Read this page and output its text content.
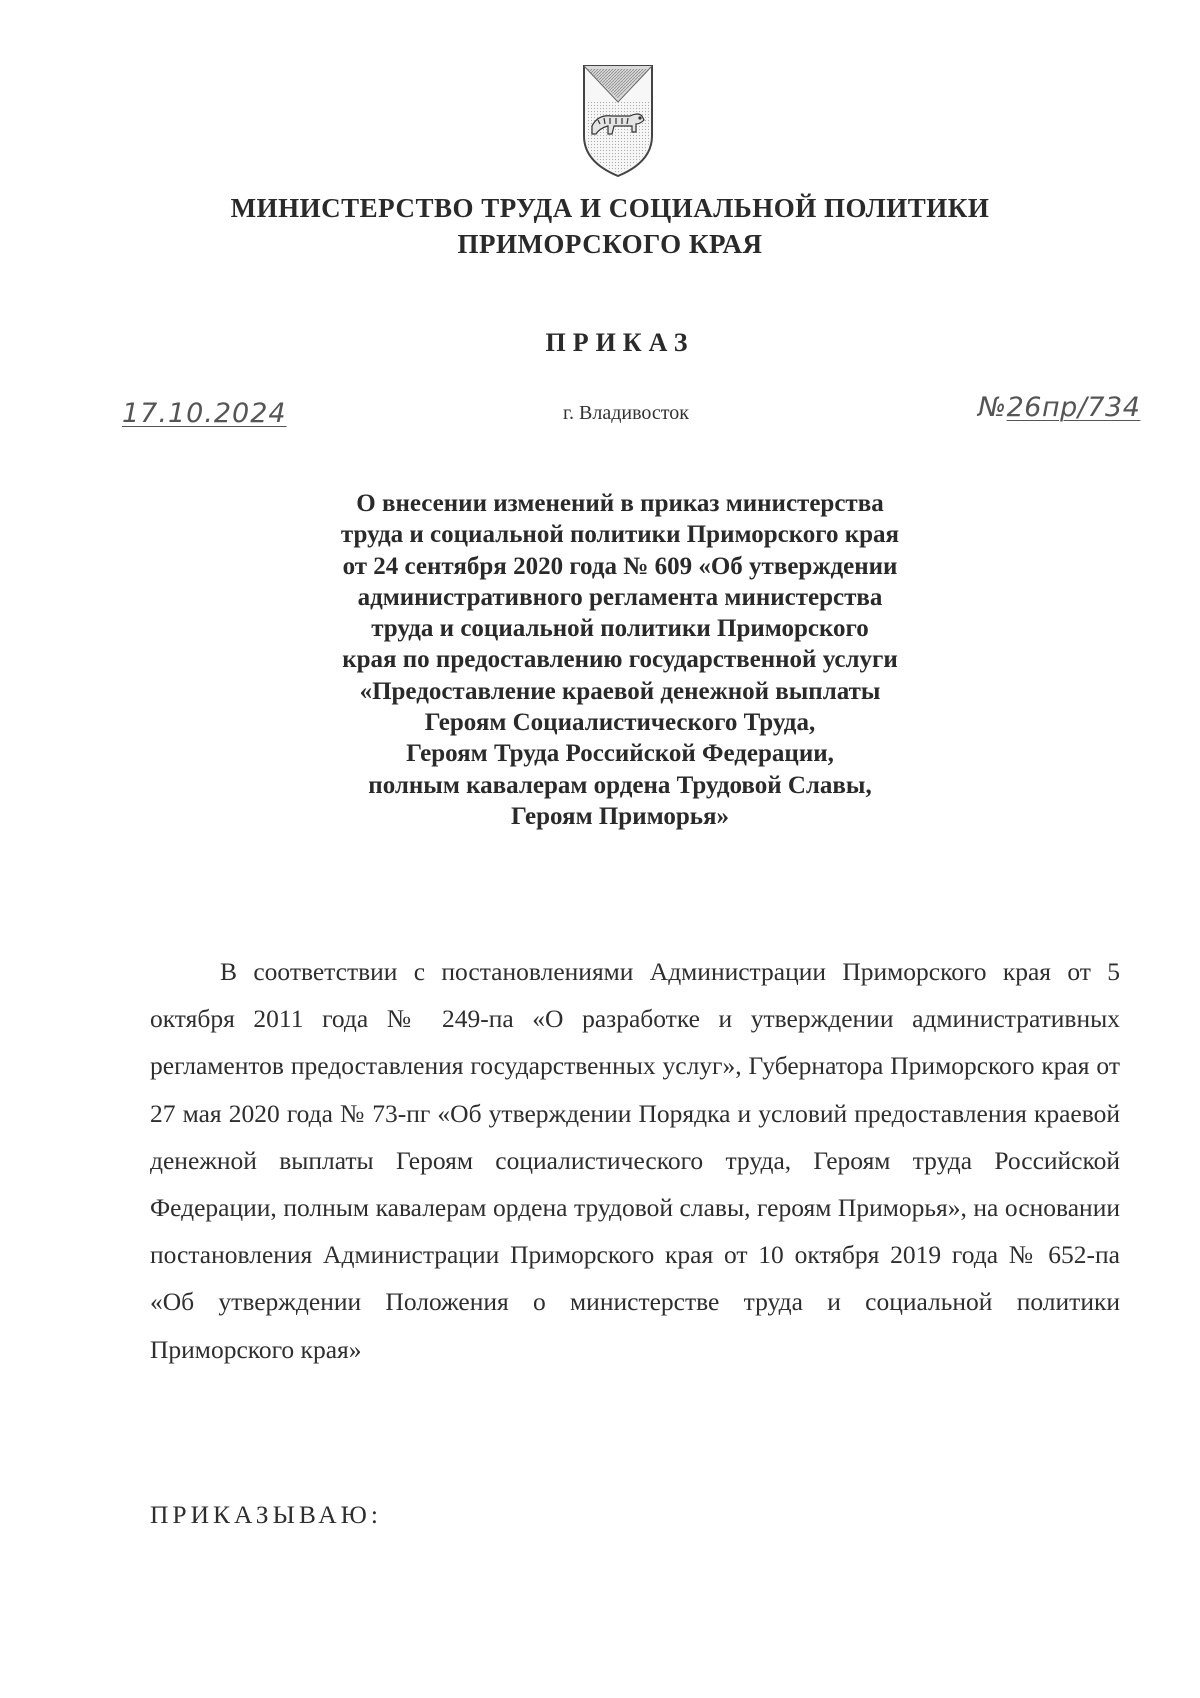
МИНИСТЕРСТВО ТРУДА И СОЦИАЛЬНОЙ ПОЛИТИКИ
ПРИМОРСКОГО КРАЯ
ПРИКАЗ
17.10.2024	г. Владивосток	№26пр/734
О внесении изменений в приказ министерства
труда и социальной политики Приморского края
от 24 сентября 2020 года № 609 «Об утверждении
административного регламента министерства
труда и социальной политики Приморского
края по предоставлению государственной услуги
«Предоставление краевой денежной выплаты
Героям Социалистического Труда,
Героям Труда Российской Федерации,
полным кавалерам ордена Трудовой Славы,
Героям Приморья»

В соответствии с постановлениями Администрации Приморского края от 5 октября 2011 года № 249-па «О разработке и утверждении административных регламентов предоставления государственных услуг», Губернатора Приморского края от 27 мая 2020 года № 73-пг «Об утверждении Порядка и условий предоставления краевой денежной выплаты Героям социалистического труда, Героям труда Российской Федерации, полным кавалерам ордена трудовой славы, героям Приморья», на основании постановления Администрации Приморского края от 10 октября 2019 года № 652-па «Об утверждении Положения о министерстве труда и социальной политики Приморского края»

ПРИКАЗЫВАЮ:
